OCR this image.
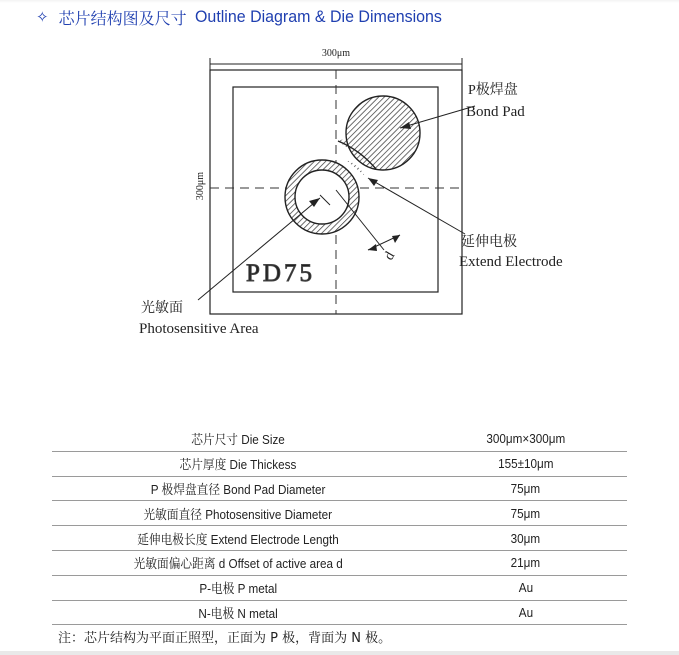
✧ 芯片结构图及尺寸 Outline Diagram & Die Dimensions
300μm
300μm
d
PD75
P极焊盘
Bond Pad
延伸电极
Extend Electrode
光敏面
Photosensitive Area
芯片尺寸 Die Size	300μm×300μm
芯片厚度 Die Thickess	155±10μm
P 极焊盘直径 Bond Pad Diameter	75μm
光敏面直径 Photosensitive Diameter	75μm
延伸电极长度 Extend Electrode Length	30μm
光敏面偏心距离 d Offset of active area d	21μm
P-电极 P metal	Au
N-电极 N metal	Au
注：芯片结构为平面正照型，正面为 P 极，背面为 N 极。
